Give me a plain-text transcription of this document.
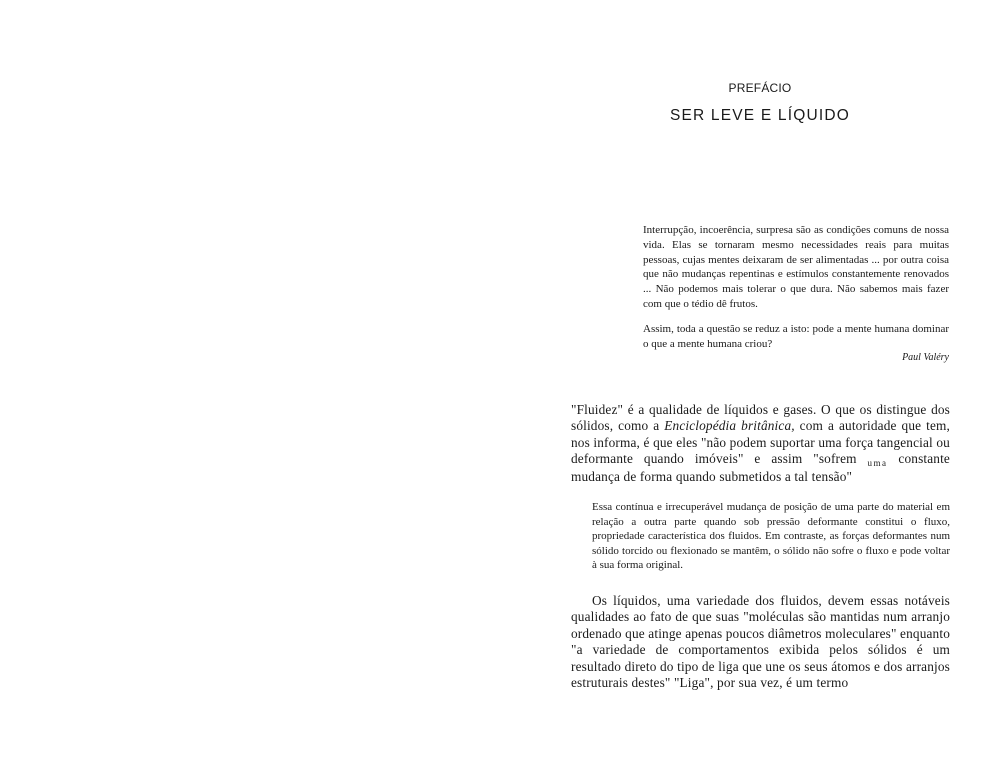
PREFÁCIO
SER LEVE E LÍQUIDO

Interrupção, incoerência, surpresa são as condições comuns de nossa vida. Elas se tornaram mesmo necessidades reais para muitas pessoas, cujas mentes deixaram de ser alimentadas ... por outra coisa que não mudanças repentinas e estímulos constantemente renovados ... Não podemos mais tolerar o que dura. Não sabemos mais fazer com que o tédio dê frutos.

Assim, toda a questão se reduz a isto: pode a mente humana dominar o que a mente humana criou?

Paul Valéry

"Fluidez" é a qualidade de líquidos e gases. O que os distingue dos sólidos, como a Enciclopédia britânica, com a autoridade que tem, nos informa, é que eles "não podem suportar uma força tangencial ou deformante quando imóveis" e assim "sofrem $_{uma}$ constante mudança de forma quando submetidos a tal tensão"
Essa contínua e irrecuperável mudança de posição de uma parte do material em relação a outra parte quando sob pressão deformante constitui o fluxo, propriedade característica dos fluidos. Em contraste, as forças deformantes num sólido torcido ou flexionado se mantêm, o sólido não sofre o fluxo e pode voltar à sua forma original.
Os líquidos, uma variedade dos fluidos, devem essas notáveis qualidades ao fato de que suas "moléculas são mantidas num arranjo ordenado que atinge apenas poucos diâmetros moleculares" enquanto "a variedade de comportamentos exibida pelos sólidos é um resultado direto do tipo de liga que une os seus átomos e dos arranjos estruturais destes" "Liga", por sua vez, é um termo
